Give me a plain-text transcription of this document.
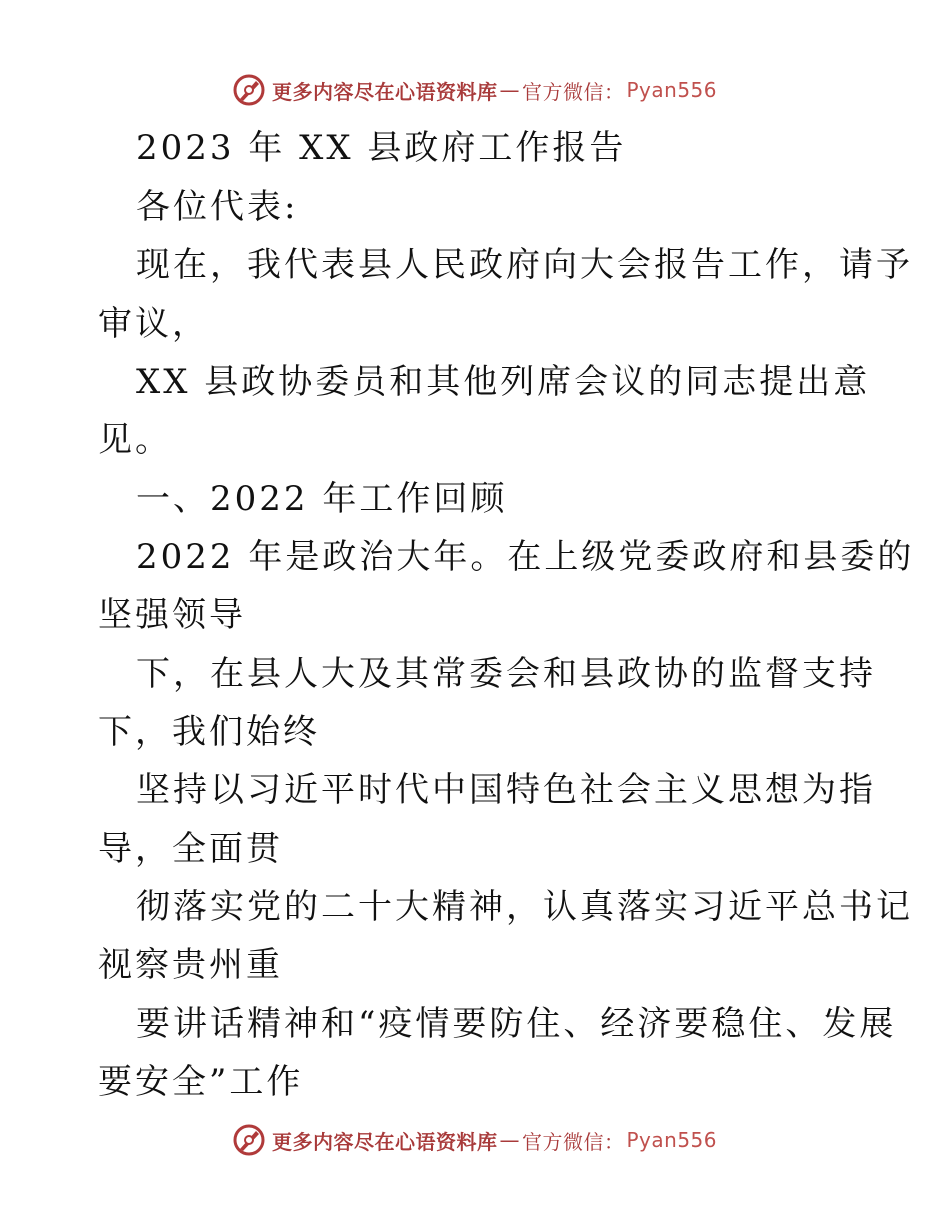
更多内容尽在心语资料库 — 官方微信： Pyan556
2023 年 XX 县政府工作报告
各位代表:
现在，我代表县人民政府向大会报告工作，请予
审议，
XX 县政协委员和其他列席会议的同志提出意
见。
一、2022 年工作回顾
2022 年是政治大年。在上级党委政府和县委的
坚强领导
下，在县人大及其常委会和县政协的监督支持
下，我们始终
坚持以习近平时代中国特色社会主义思想为指
导，全面贯
彻落实党的二十大精神，认真落实习近平总书记
视察贵州重
要讲话精神和“疫情要防住、经济要稳住、发展
要安全”工作
更多内容尽在心语资料库 — 官方微信： Pyan556
